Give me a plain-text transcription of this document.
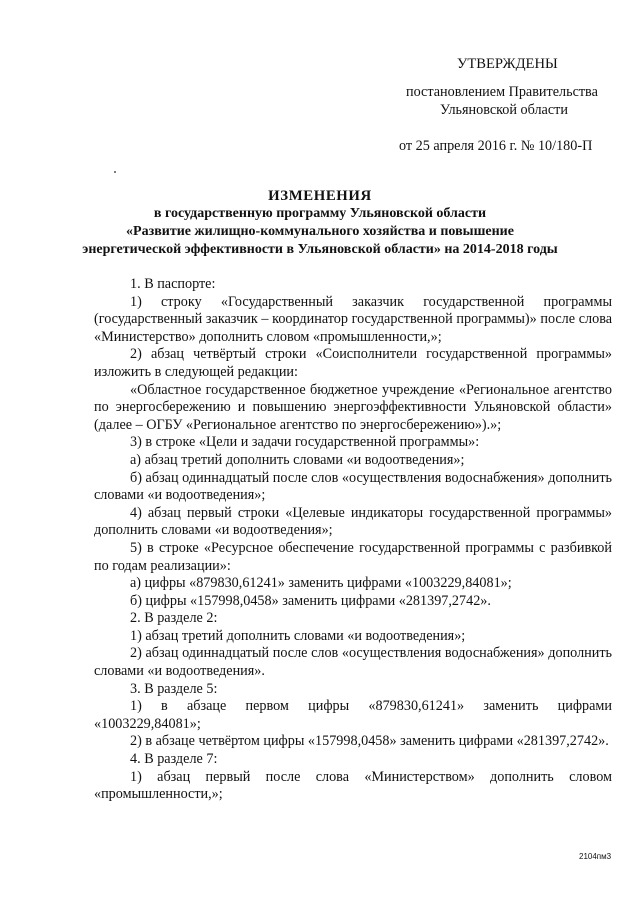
УТВЕРЖДЕНЫ
постановлением Правительства
Ульяновской области
от 25 апреля 2016 г. № 10/180-П
ИЗМЕНЕНИЯ
в государственную программу Ульяновской области
«Развитие жилищно-коммунального хозяйства и повышение
энергетической эффективности в Ульяновской области» на 2014-2018 годы

1. В паспорте:

1) строку «Государственный заказчик государственной программы (государственный заказчик – координатор государственной программы)» после слова «Министерство» дополнить словом «промышленности,»;

2) абзац четвёртый строки «Соисполнители государственной программы» изложить в следующей редакции:

«Областное государственное бюджетное учреждение «Региональное агентство по энергосбережению и повышению энергоэффективности Ульяновской области» (далее – ОГБУ «Региональное агентство по энергосбережению»).»;

3) в строке «Цели и задачи государственной программы»:

а) абзац третий дополнить словами «и водоотведения»;

б) абзац одиннадцатый после слов «осуществления водоснабжения» дополнить словами «и водоотведения»;

4) абзац первый строки «Целевые индикаторы государственной программы» дополнить словами «и водоотведения»;

5) в строке «Ресурсное обеспечение государственной программы с разбивкой по годам реализации»:

а) цифры «879830,61241» заменить цифрами «1003229,84081»;

б) цифры «157998,0458» заменить цифрами «281397,2742».

2. В разделе 2:

1) абзац третий дополнить словами «и водоотведения»;

2) абзац одиннадцатый после слов «осуществления водоснабжения» дополнить словами «и водоотведения».

3. В разделе 5:

1) в абзаце первом цифры «879830,61241» заменить цифрами «1003229,84081»;

2) в абзаце четвёртом цифры «157998,0458» заменить цифрами «281397,2742».

4. В разделе 7:

1) абзац первый после слова «Министерством» дополнить словом «промышленности,»;

2104пм3
